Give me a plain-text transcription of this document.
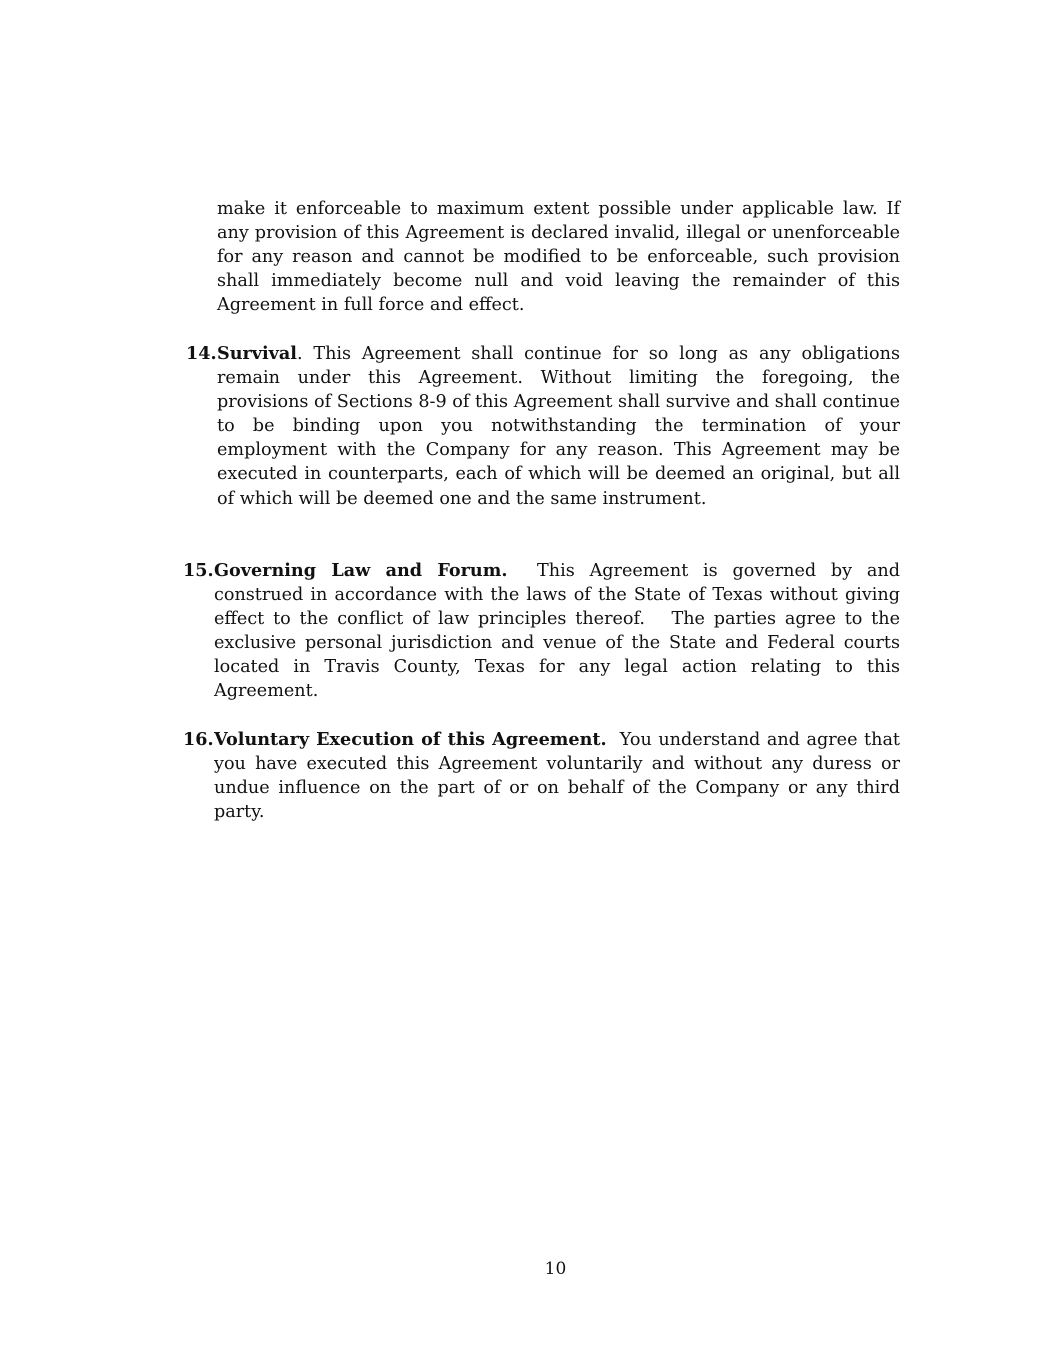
make it enforceable to maximum extent possible under applicable law. If any provision of this Agreement is declared invalid, illegal or unenforceable for any reason and cannot be modified to be enforceable, such provision shall immediately become null and void leaving the remainder of this Agreement in full force and effect.
14. Survival. This Agreement shall continue for so long as any obligations remain under this Agreement. Without limiting the foregoing, the provisions of Sections 8-9 of this Agreement shall survive and shall continue to be binding upon you notwithstanding the termination of your employment with the Company for any reason. This Agreement may be executed in counterparts, each of which will be deemed an original, but all of which will be deemed one and the same instrument.
15. Governing Law and Forum.  This Agreement is governed by and construed in accordance with the laws of the State of Texas without giving effect to the conflict of law principles thereof.   The parties agree to the exclusive personal jurisdiction and venue of the State and Federal courts located in Travis County, Texas for any legal action relating to this Agreement.
16. Voluntary Execution of this Agreement.  You understand and agree that you have executed this Agreement voluntarily and without any duress or undue influence on the part of or on behalf of the Company or any third party.
10
